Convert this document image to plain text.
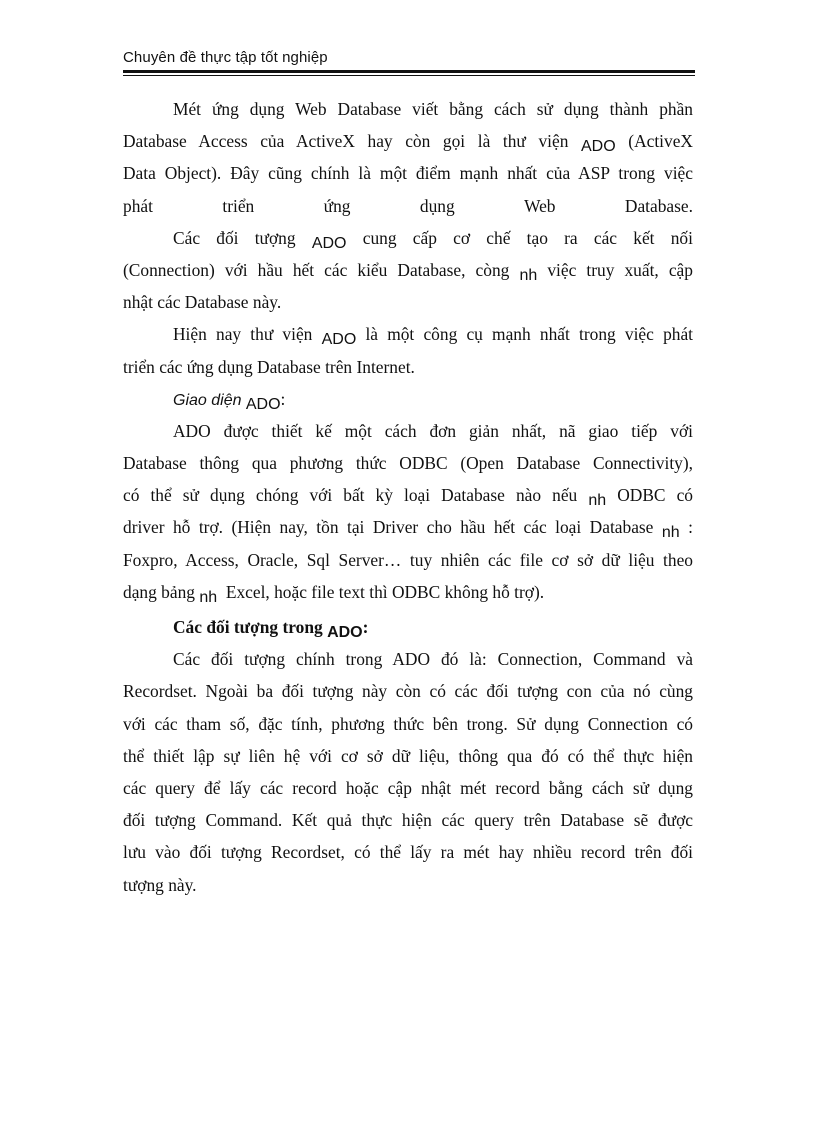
Chuyên đề thực tập tốt nghiệp
Mét ứng dụng Web Database viết bằng cách sử dụng thành phần
Database Access của ActiveX hay còn gọi là thư viện ADO (ActiveX
Data Object). Đây cũng chính là một điểm mạnh nhất của ASP trong việc
phát	triển	ứng	dụng	Web	Database.
Các đối tượng ADO cung cấp cơ chế tạo ra các kết nối
(Connection) với hầu hết các kiểu Database, còng nh việc truy xuất, cập
nhật các Database này.
Hiện nay thư viện ADO là một công cụ mạnh nhất trong việc phát
triển các ứng dụng Database trên Internet.
Giao diện ADO:
ADO được thiết kế một cách đơn giản nhất, nã giao tiếp với
Database thông qua phương thức ODBC (Open Database Connectivity),
có thể sử dụng chóng với bất kỳ loại Database nào nếu nh ODBC có
driver hỗ trợ. (Hiện nay, tồn tại Driver cho hầu hết các loại Database nh :
Foxpro, Access, Oracle, Sql Server… tuy nhiên các file cơ sở dữ liệu theo
dạng bảng nh Excel, hoặc file text thì ODBC không hỗ trợ).
Các đối tượng trong ADO:
Các đối tượng chính trong ADO đó là: Connection, Command và
Recordset. Ngoài ba đối tượng này còn có các đối tượng con của nó cùng
với các tham số, đặc tính, phương thức bên trong. Sử dụng Connection có
thể thiết lập sự liên hệ với cơ sở dữ liệu, thông qua đó có thể thực hiện
các query để lấy các record hoặc cập nhật mét record bằng cách sử dụng
đối tượng Command. Kết quả thực hiện các query trên Database sẽ được
lưu vào đối tượng Recordset, có thể lấy ra mét hay nhiều record trên đối
tượng này.
